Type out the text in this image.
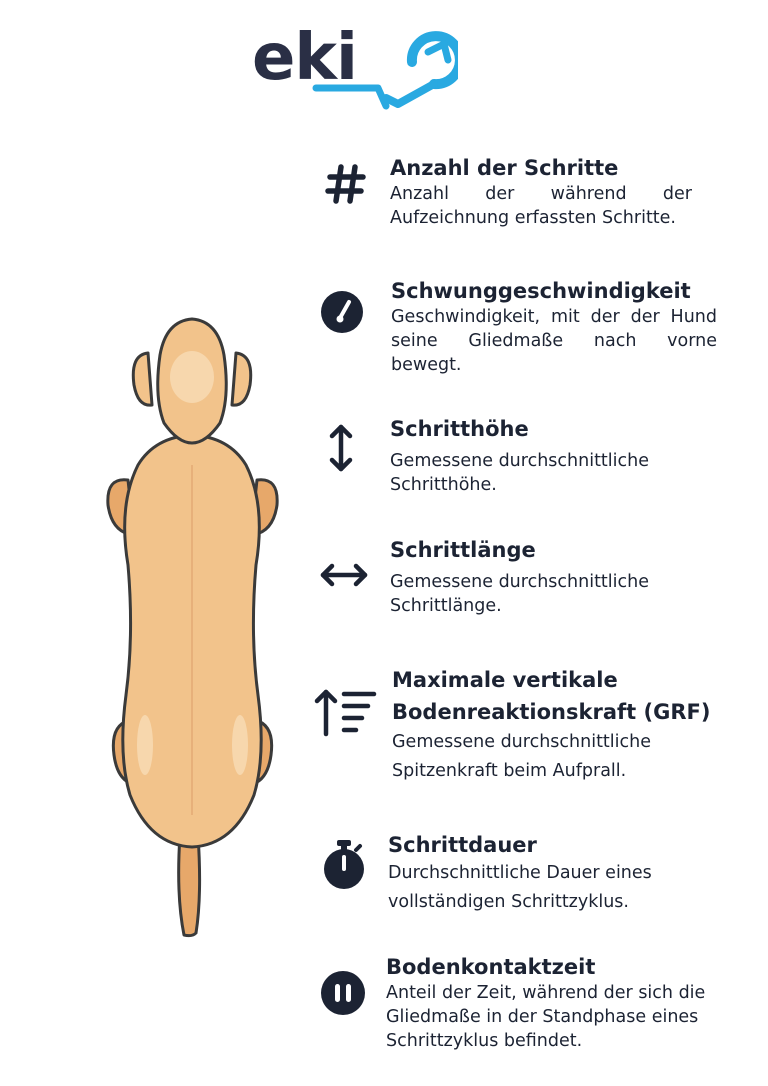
eki
Anzahl der Schritte
Anzahl der während der Aufzeichnung erfassten Schritte.
Schwunggeschwindigkeit
Geschwindigkeit, mit der der Hund seine Gliedmaße nach vorne bewegt.
Schritthöhe
Gemessene durchschnittliche Schritthöhe.
Schrittlänge
Gemessene durchschnittliche Schrittlänge.
Maximale vertikale Bodenreaktionskraft (GRF)
Gemessene durchschnittliche Spitzenkraft beim Aufprall.
Schrittdauer
Durchschnittliche Dauer eines vollständigen Schrittzyklus.
Bodenkontaktzeit
Anteil der Zeit, während der sich die Gliedmaße in der Standphase eines Schrittzyklus befindet.
